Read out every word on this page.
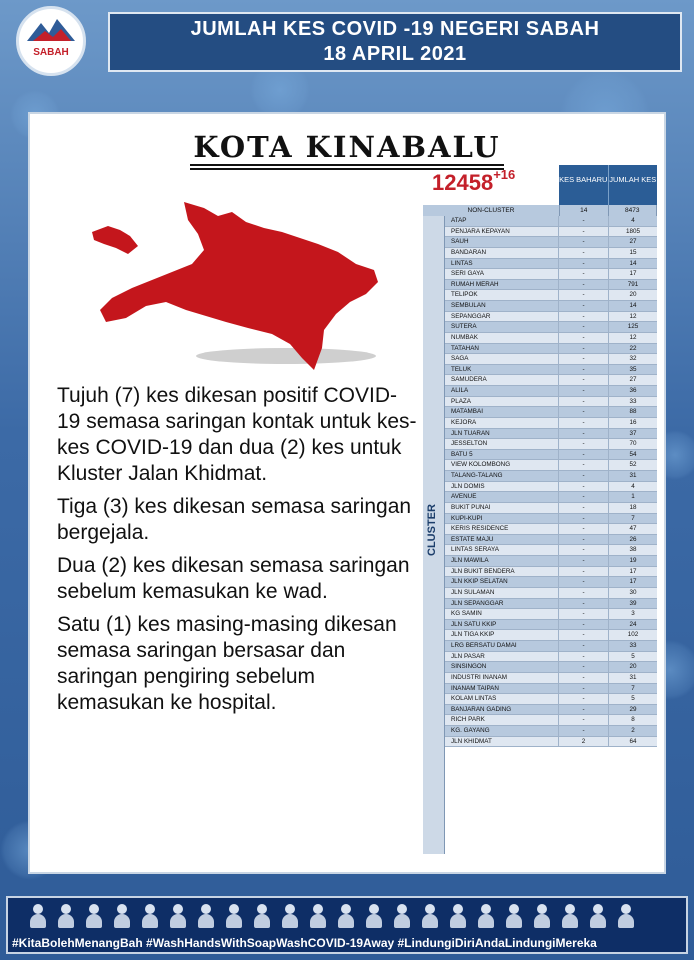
SABAH
JUMLAH KES COVID -19 NEGERI SABAH
18 APRIL 2021
KOTA KINABALU
$12458^{+16}$

Tujuh (7) kes dikesan positif COVID-19 semasa saringan kontak untuk kes-kes COVID-19 dan dua (2) kes untuk Kluster Jalan Khidmat.

Tiga (3) kes dikesan semasa saringan bergejala.

Dua (2) kes dikesan semasa saringan sebelum kemasukan ke wad.

Satu (1) kes masing-masing dikesan semasa saringan bersasar dan saringan pengiring sebelum kemasukan ke hospital.

KES BAHARU JUMLAH KES
NON-CLUSTER	14	8473
CLUSTER
ATAP	-	4
PENJARA KEPAYAN	-	1805
SAUH	-	27
BANDARAN	-	15
LINTAS	-	14
SERI GAYA	-	17
RUMAH MERAH	-	791
TELIPOK	-	20
SEMBULAN	-	14
SEPANGGAR	-	12
SUTERA	-	125
NUMBAK	-	12
TATAHAN	-	22
SAGA	-	32
TELUK	-	35
SAMUDERA	-	27
ALILA	-	36
PLAZA	-	33
MATAMBAI	-	88
KEJORA	-	16
JLN TUARAN	-	37
JESSELTON	-	70
BATU 5	-	54
VIEW KOLOMBONG	-	52
TALANG-TALANG	-	31
JLN DOMIS	-	4
AVENUE	-	1
BUKIT PUNAI	-	18
KUPI-KUPI	-	7
KERIS RESIDENCE	-	47
ESTATE MAJU	-	26
LINTAS SERAYA	-	38
JLN MAWILA	-	19
JLN BUKIT BENDERA	-	17
JLN KKIP SELATAN	-	17
JLN SULAMAN	-	30
JLN SEPANGGAR	-	39
KG SAMIN	-	3
JLN SATU KKIP	-	24
JLN TIGA KKIP	-	102
LRG BERSATU DAMAI	-	33
JLN PASAR	-	5
SINSINGON	-	20
INDUSTRI INANAM	-	31
INANAM TAIPAN	-	7
KOLAM LINTAS	-	5
BANJARAN GADING	-	29
RICH PARK	-	8
KG. GAYANG	-	2
JLN KHIDMAT	2	64
#KitaBolehMenangBah #WashHandsWithSoapWashCOVID-19Away #LindungiDiriAndaLindungiMereka
